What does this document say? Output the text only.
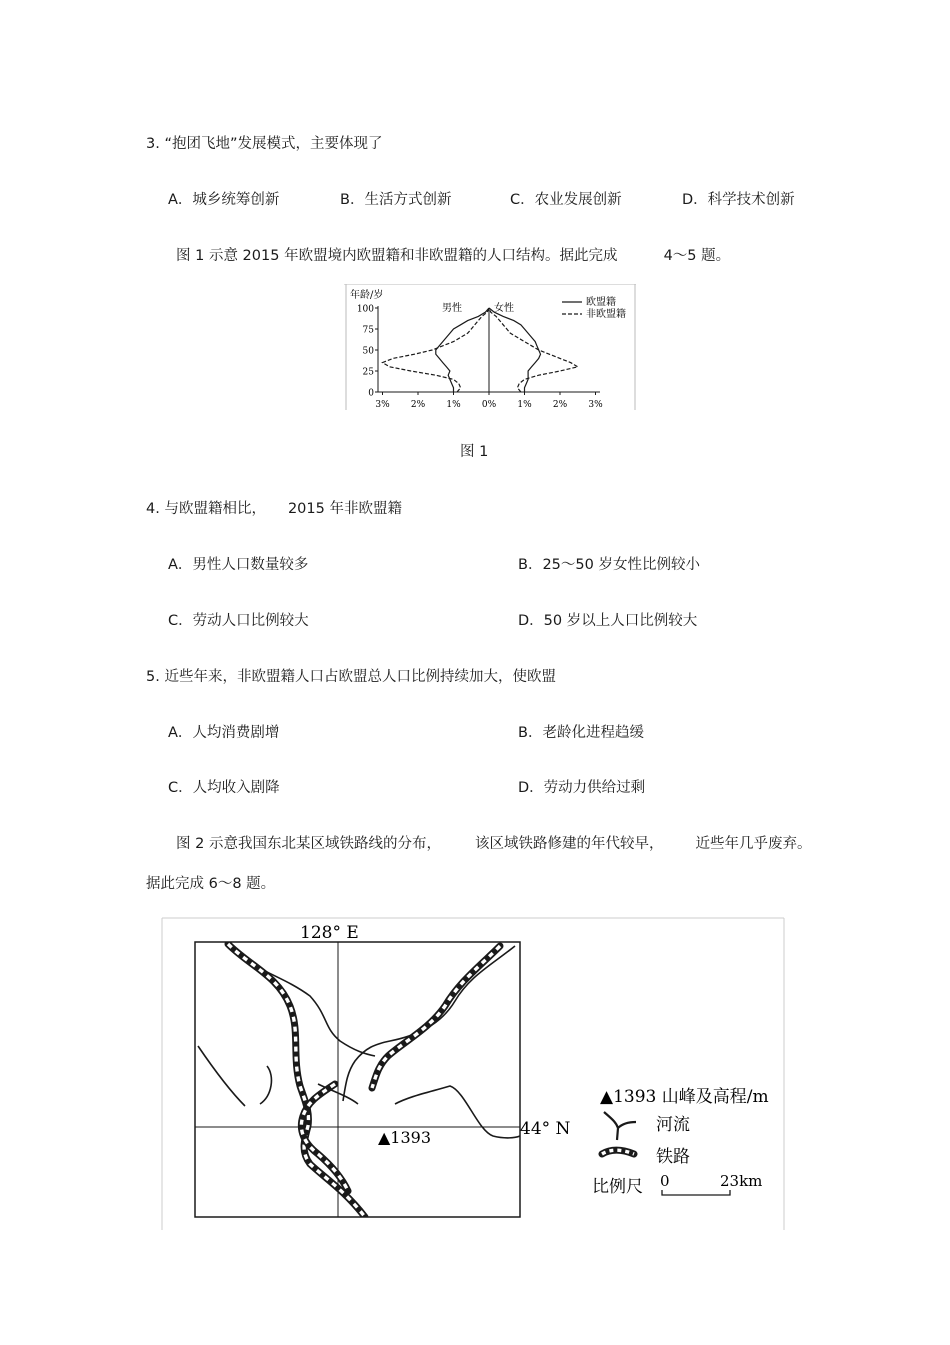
3. “抱团飞地”发展模式，主要体现了
A．城乡统筹创新	B．生活方式创新	C．农业发展创新	D．科学技术创新
图 1 示意 2015 年欧盟境内欧盟籍和非欧盟籍的人口结构。据此完成	4～5 题。
100
75
50
25
0
3% 2% 1% 0% 1% 2% 3%
年龄/岁
男性	女性
欧盟籍
非欧盟籍
图 1
4. 与欧盟籍相比， 2015 年非欧盟籍
A．男性人口数量较多	B．25～50 岁女性比例较小
C．劳动人口比例较大	D．50 岁以上人口比例较大
5. 近些年来，非欧盟籍人口占欧盟总人口比例持续加大，使欧盟
A．人均消费剧增	B．老龄化进程趋缓
C．人均收入剧降	D．劳动力供给过剩
图 2 示意我国东北某区域铁路线的分布， 该区域铁路修建的年代较早， 近些年几乎废弃。
据此完成 6～8 题。
▲1393
128° E
44° N
▲1393 山峰及高程/m
河流
铁路
比例尺 0	23km
